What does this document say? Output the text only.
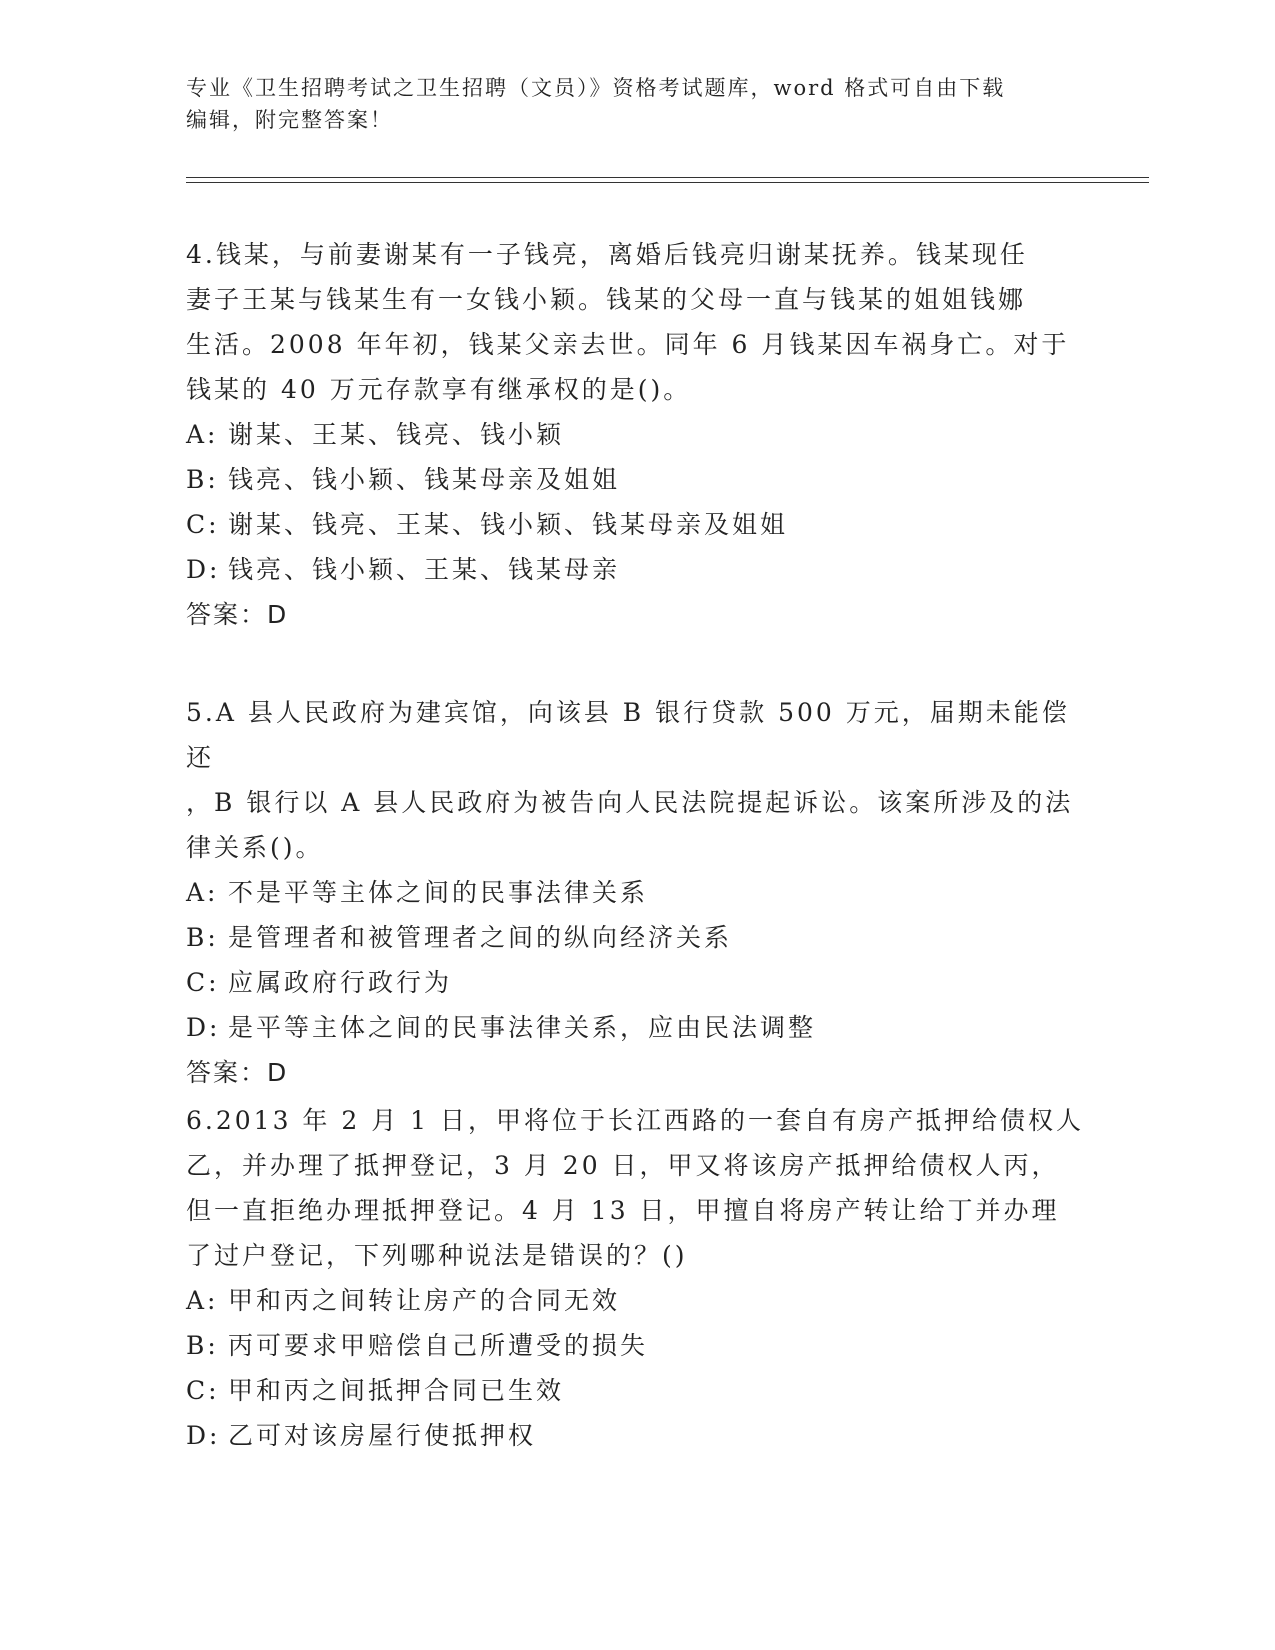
专业《卫生招聘考试之卫生招聘（文员）》资格考试题库，word 格式可自由下载
编辑，附完整答案！

4.钱某，与前妻谢某有一子钱亮，离婚后钱亮归谢某抚养。钱某现任

妻子王某与钱某生有一女钱小颖。钱某的父母一直与钱某的姐姐钱娜

生活。2008 年年初，钱某父亲去世。同年 6 月钱某因车祸身亡。对于

钱某的 40 万元存款享有继承权的是()。

A: 谢某、王某、钱亮、钱小颖

B: 钱亮、钱小颖、钱某母亲及姐姐

C: 谢某、钱亮、王某、钱小颖、钱某母亲及姐姐

D: 钱亮、钱小颖、王某、钱某母亲

答案：D

5.A 县人民政府为建宾馆，向该县 B 银行贷款 500 万元，届期未能偿还

，B 银行以 A 县人民政府为被告向人民法院提起诉讼。该案所涉及的法

律关系()。

A: 不是平等主体之间的民事法律关系

B: 是管理者和被管理者之间的纵向经济关系

C: 应属政府行政行为

D: 是平等主体之间的民事法律关系，应由民法调整

答案：D

6.2013 年 2 月 1 日，甲将位于长江西路的一套自有房产抵押给债权人

乙，并办理了抵押登记，3 月 20 日，甲又将该房产抵押给债权人丙，

但一直拒绝办理抵押登记。4 月 13 日，甲擅自将房产转让给丁并办理

了过户登记，下列哪种说法是错误的？()

A: 甲和丙之间转让房产的合同无效

B: 丙可要求甲赔偿自己所遭受的损失

C: 甲和丙之间抵押合同已生效

D: 乙可对该房屋行使抵押权
